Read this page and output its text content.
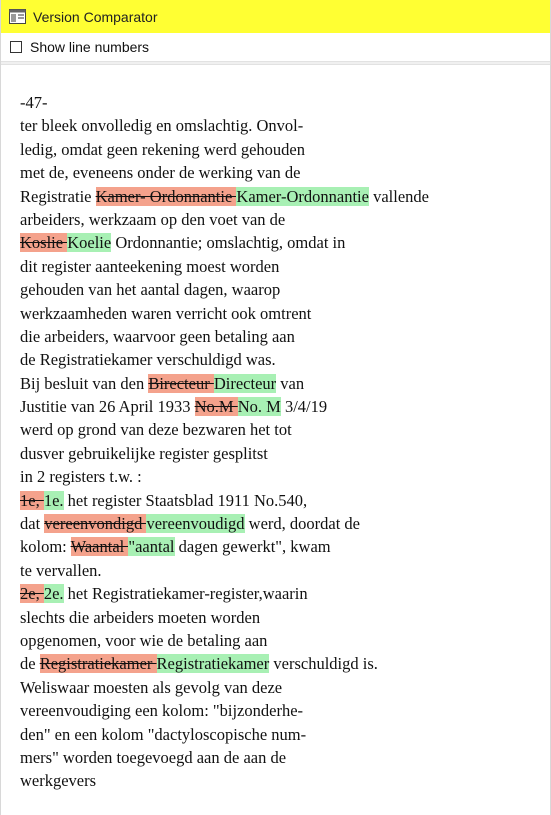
Version Comparator
Show line numbers
-47-
ter bleek onvolledig en omslachtig. Onvol-
ledig, omdat geen rekening werd gehouden
met de, eveneens onder de werking van de
Registratie Kamer- Ordonnantie Kamer-Ordonnantie vallende
arbeiders, werkzaam op den voet van de
Koslie Koelie Ordonnantie; omslachtig, omdat in
dit register aanteekening moest worden
gehouden van het aantal dagen, waarop
werkzaamheden waren verricht ook omtrent
die arbeiders, waarvoor geen betaling aan
de Registratiekamer verschuldigd was.
Bij besluit van den Birecteur Directeur van
Justitie van 26 April 1933 No.M No. M 3/4/19
werd op grond van deze bezwaren het tot
dusver gebruikelijke register gesplitst
in 2 registers t.w. :
1e, 1e. het register Staatsblad 1911 No.540,
dat vereenvondigd vereenvoudigd werd, doordat de
kolom: Waantal "aantal dagen gewerkt", kwam
te vervallen.
2e, 2e. het Registratiekamer-register,waarin
slechts die arbeiders moeten worden
opgenomen, voor wie de betaling aan
de Registratiekamer Registratiekamer verschuldigd is.
Weliswaar moesten als gevolg van deze
vereenvoudiging een kolom: "bijzonderhe-
den" en een kolom "dactyloscopische num-
mers" worden toegevoegd aan de aan de
werkgevers
